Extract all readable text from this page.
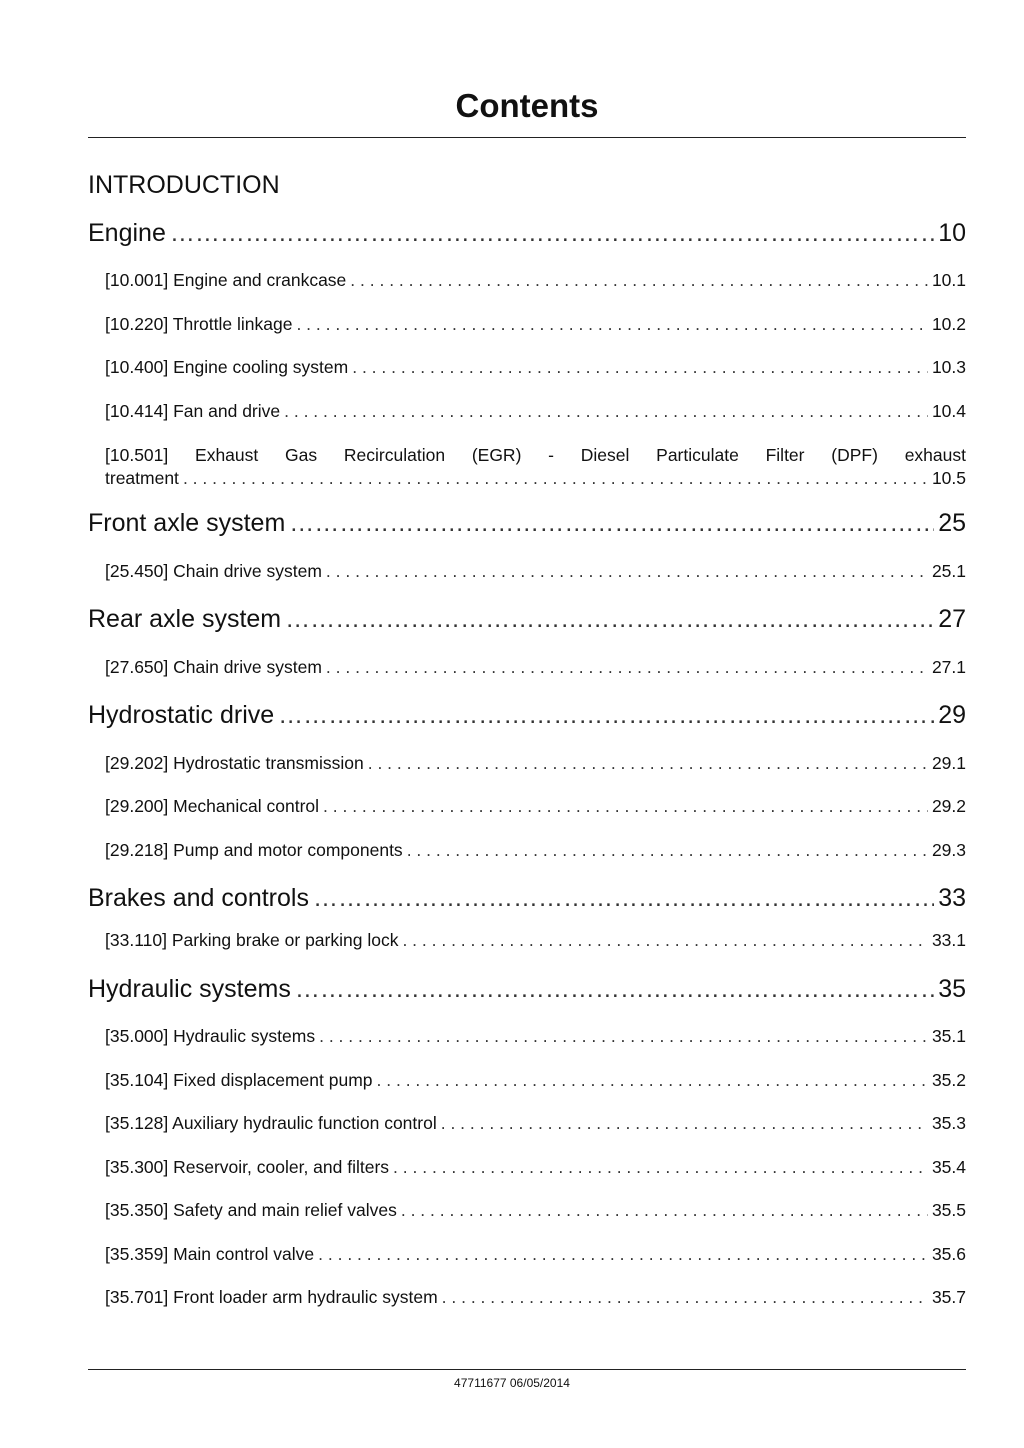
Contents
INTRODUCTION
47711677 06/05/2014
Engine …………………………………………………………………………………………………………………………………………………………………………………………	10
[10.001] Engine and crankcase . . .	10.1
[10.220] Throttle linkage . . .	10.2
[10.400] Engine cooling system . . .	10.3
[10.414] Fan and drive . . .	10.4
[10.501] Exhaust Gas Recirculation (EGR) - Diesel Particulate Filter (DPF) exhaust
treatment . . .	10.5
Front axle system …………………………………………………………………………………………………………………………………………………………………………………………	25
[25.450] Chain drive system . . .	25.1
Rear axle system …………………………………………………………………………………………………………………………………………………………………………………………	27
[27.650] Chain drive system . . .	27.1
Hydrostatic drive …………………………………………………………………………………………………………………………………………………………………………………………	29
[29.202] Hydrostatic transmission . . .	29.1
[29.200] Mechanical control . . .	29.2
[29.218] Pump and motor components . . .	29.3
Brakes and controls …………………………………………………………………………………………………………………………………………………………………………………………	33
[33.110] Parking brake or parking lock . . .	33.1
Hydraulic systems …………………………………………………………………………………………………………………………………………………………………………………………	35
[35.000] Hydraulic systems . . .	35.1
[35.104] Fixed displacement pump . . .	35.2
[35.128] Auxiliary hydraulic function control . . .	35.3
[35.300] Reservoir, cooler, and filters . . .	35.4
[35.350] Safety and main relief valves . . .	35.5
[35.359] Main control valve . . .	35.6
[35.701] Front loader arm hydraulic system . . .	35.7
